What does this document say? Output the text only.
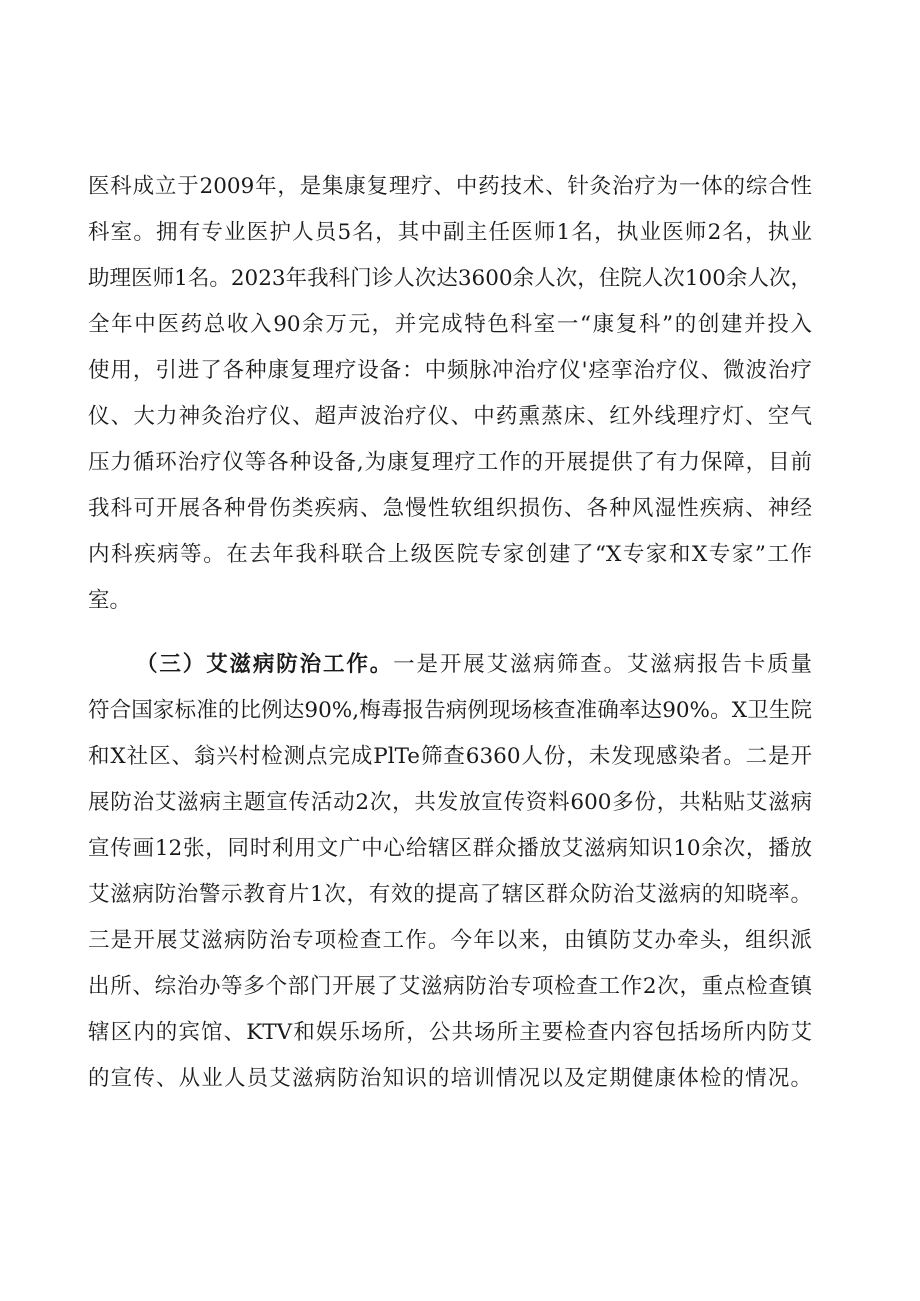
医科成立于2009年，是集康复理疗、中药技术、针灸治疗为一体的综合性
科室。拥有专业医护人员5名，其中副主任医师1名，执业医师2名，执业
助理医师1名。2023年我科门诊人次达3600余人次，住院人次100余人次，
全年中医药总收入90余万元，并完成特色科室一“康复科”的创建并投入
使用，引进了各种康复理疗设备：中频脉冲治疗仪'痉挛治疗仪、微波治疗
仪、大力神灸治疗仪、超声波治疗仪、中药熏蒸床、红外线理疗灯、空气
压力循环治疗仪等各种设备,为康复理疗工作的开展提供了有力保障，目前
我科可开展各种骨伤类疾病、急慢性软组织损伤、各种风湿性疾病、神经
内科疾病等。在去年我科联合上级医院专家创建了“X专家和X专家”工作
室。
（三）艾滋病防治工作。一是开展艾滋病筛查。艾滋病报告卡质量
符合国家标准的比例达90%,梅毒报告病例现场核查准确率达90%。X卫生院
和X社区、翁兴村检测点完成PlTe筛查6360人份，未发现感染者。二是开
展防治艾滋病主题宣传活动2次，共发放宣传资料600多份，共粘贴艾滋病
宣传画12张，同时利用文广中心给辖区群众播放艾滋病知识10余次，播放
艾滋病防治警示教育片1次，有效的提高了辖区群众防治艾滋病的知晓率。
三是开展艾滋病防治专项检查工作。今年以来，由镇防艾办牵头，组织派
出所、综治办等多个部门开展了艾滋病防治专项检查工作2次，重点检查镇
辖区内的宾馆、KTV和娱乐场所，公共场所主要检查内容包括场所内防艾
的宣传、从业人员艾滋病防治知识的培训情况以及定期健康体检的情况。
